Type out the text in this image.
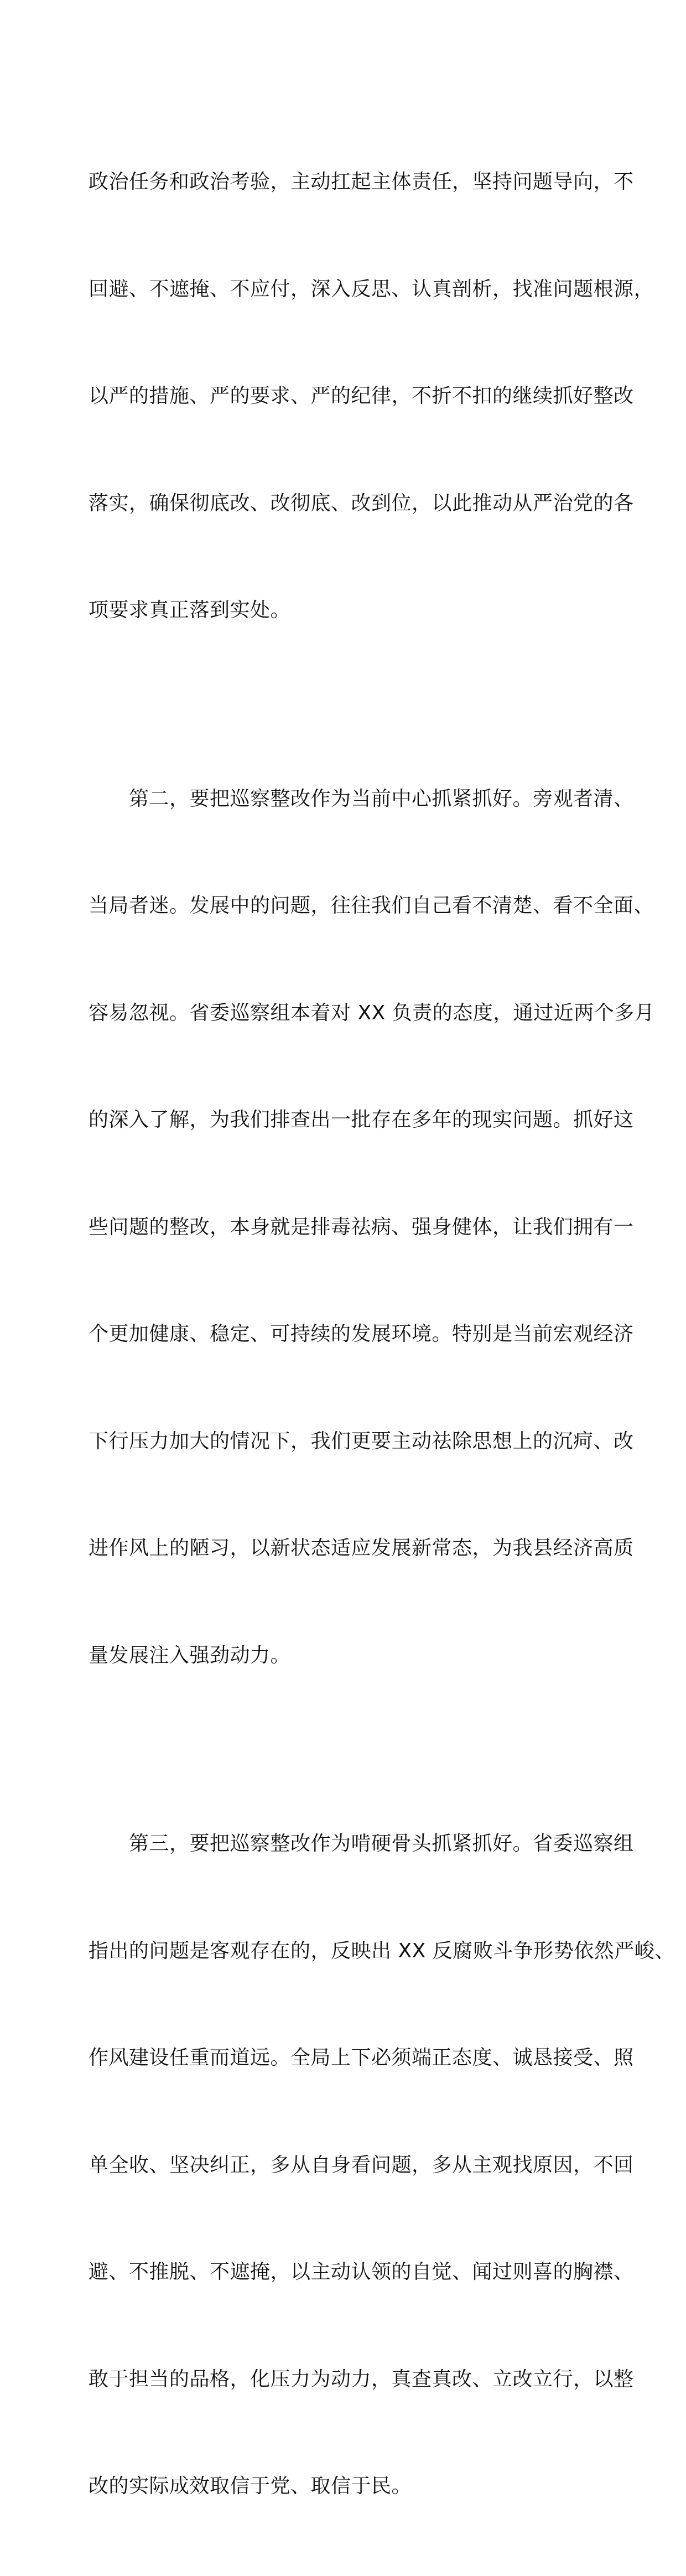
政治任务和政治考验，主动扛起主体责任，坚持问题导向，不

回避、不遮掩、不应付，深入反思、认真剖析，找准问题根源，

以严的措施、严的要求、严的纪律，不折不扣的继续抓好整改

落实，确保彻底改、改彻底、改到位，以此推动从严治党的各

项要求真正落到实处。

　　第二，要把巡察整改作为当前中心抓紧抓好。旁观者清、

当局者迷。发展中的问题，往往我们自己看不清楚、看不全面、

容易忽视。省委巡察组本着对 XX 负责的态度，通过近两个多月

的深入了解，为我们排查出一批存在多年的现实问题。抓好这

些问题的整改，本身就是排毒祛病、强身健体，让我们拥有一

个更加健康、稳定、可持续的发展环境。特别是当前宏观经济

下行压力加大的情况下，我们更要主动祛除思想上的沉疴、改

进作风上的陋习，以新状态适应发展新常态，为我县经济高质

量发展注入强劲动力。

　　第三，要把巡察整改作为啃硬骨头抓紧抓好。省委巡察组

指出的问题是客观存在的，反映出 XX 反腐败斗争形势依然严峻、

作风建设任重而道远。全局上下必须端正态度、诚恳接受、照

单全收、坚决纠正，多从自身看问题，多从主观找原因，不回

避、不推脱、不遮掩，以主动认领的自觉、闻过则喜的胸襟、

敢于担当的品格，化压力为动力，真查真改、立改立行，以整

改的实际成效取信于党、取信于民。
